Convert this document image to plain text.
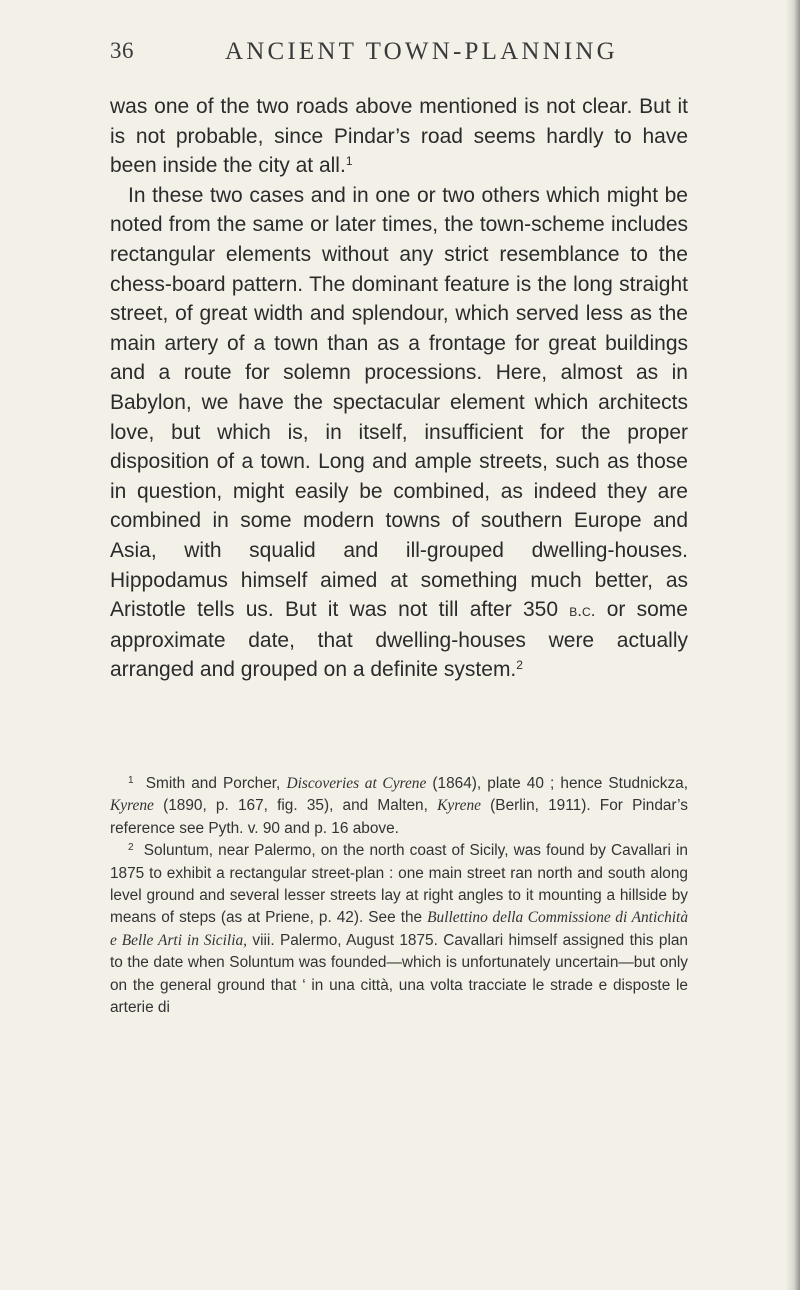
36	ANCIENT TOWN-PLANNING

was one of the two roads above mentioned is not clear. But it is not probable, since Pindar’s road seems hardly to have been inside the city at all.$^1$

In these two cases and in one or two others which might be noted from the same or later times, the town-scheme includes rectangular elements without any strict resemblance to the chess-board pattern. The dominant feature is the long straight street, of great width and splendour, which served less as the main artery of a town than as a frontage for great buildings and a route for solemn processions. Here, almost as in Babylon, we have the spectacular element which architects love, but which is, in itself, insufficient for the proper disposition of a town. Long and ample streets, such as those in question, might easily be combined, as indeed they are combined in some modern towns of southern Europe and Asia, with squalid and ill-grouped dwelling-houses. Hippodamus himself aimed at something much better, as Aristotle tells us. But it was not till after 350 b.c. or some approximate date, that dwelling-houses were actually arranged and grouped on a definite system.$^2$

$^1$ Smith and Porcher, Discoveries at Cyrene (1864), plate 40 ; hence Studnickza, Kyrene (1890, p. 167, fig. 35), and Malten, Kyrene (Berlin, 1911). For Pindar’s reference see Pyth. v. 90 and p. 16 above.

$^2$ Soluntum, near Palermo, on the north coast of Sicily, was found by Cavallari in 1875 to exhibit a rectangular street-plan : one main street ran north and south along level ground and several lesser streets lay at right angles to it mounting a hillside by means of steps (as at Priene, p. 42). See the Bullettino della Commissione di Antichità e Belle Arti in Sicilia, viii. Palermo, August 1875. Cavallari himself assigned this plan to the date when Soluntum was founded—which is unfortunately uncertain—but only on the general ground that ‘ in una città, una volta tracciate le strade e disposte le arterie di
